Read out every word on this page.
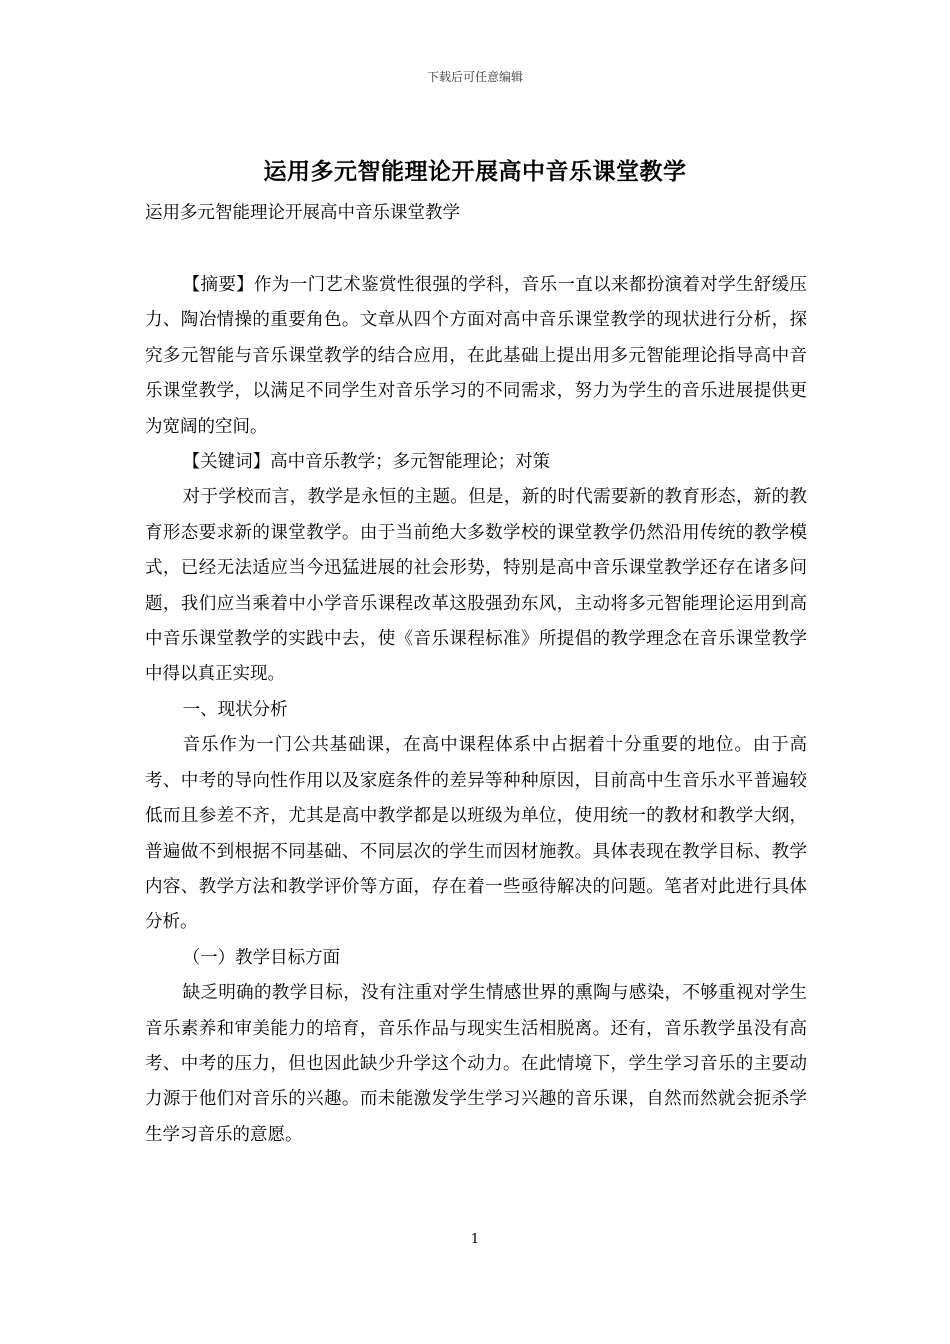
下载后可任意编辑
运用多元智能理论开展高中音乐课堂教学
运用多元智能理论开展高中音乐课堂教学

【摘要】作为一门艺术鉴赏性很强的学科，音乐一直以来都扮演着对学生舒缓压力、陶冶情操的重要角色。文章从四个方面对高中音乐课堂教学的现状进行分析，探究多元智能与音乐课堂教学的结合应用，在此基础上提出用多元智能理论指导高中音乐课堂教学，以满足不同学生对音乐学习的不同需求，努力为学生的音乐进展提供更为宽阔的空间。

【关键词】高中音乐教学；多元智能理论；对策

对于学校而言，教学是永恒的主题。但是，新的时代需要新的教育形态，新的教育形态要求新的课堂教学。由于当前绝大多数学校的课堂教学仍然沿用传统的教学模式，已经无法适应当今迅猛进展的社会形势，特别是高中音乐课堂教学还存在诸多问题，我们应当乘着中小学音乐课程改革这股强劲东风，主动将多元智能理论运用到高中音乐课堂教学的实践中去，使《音乐课程标准》所提倡的教学理念在音乐课堂教学中得以真正实现。

一、现状分析

音乐作为一门公共基础课，在高中课程体系中占据着十分重要的地位。由于高考、中考的导向性作用以及家庭条件的差异等种种原因，目前高中生音乐水平普遍较低而且参差不齐，尤其是高中教学都是以班级为单位，使用统一的教材和教学大纲，普遍做不到根据不同基础、不同层次的学生而因材施教。具体表现在教学目标、教学内容、教学方法和教学评价等方面，存在着一些亟待解决的问题。笔者对此进行具体分析。

（一）教学目标方面

缺乏明确的教学目标，没有注重对学生情感世界的熏陶与感染，不够重视对学生音乐素养和审美能力的培育，音乐作品与现实生活相脱离。还有，音乐教学虽没有高考、中考的压力，但也因此缺少升学这个动力。在此情境下，学生学习音乐的主要动力源于他们对音乐的兴趣。而未能激发学生学习兴趣的音乐课，自然而然就会扼杀学生学习音乐的意愿。

1
